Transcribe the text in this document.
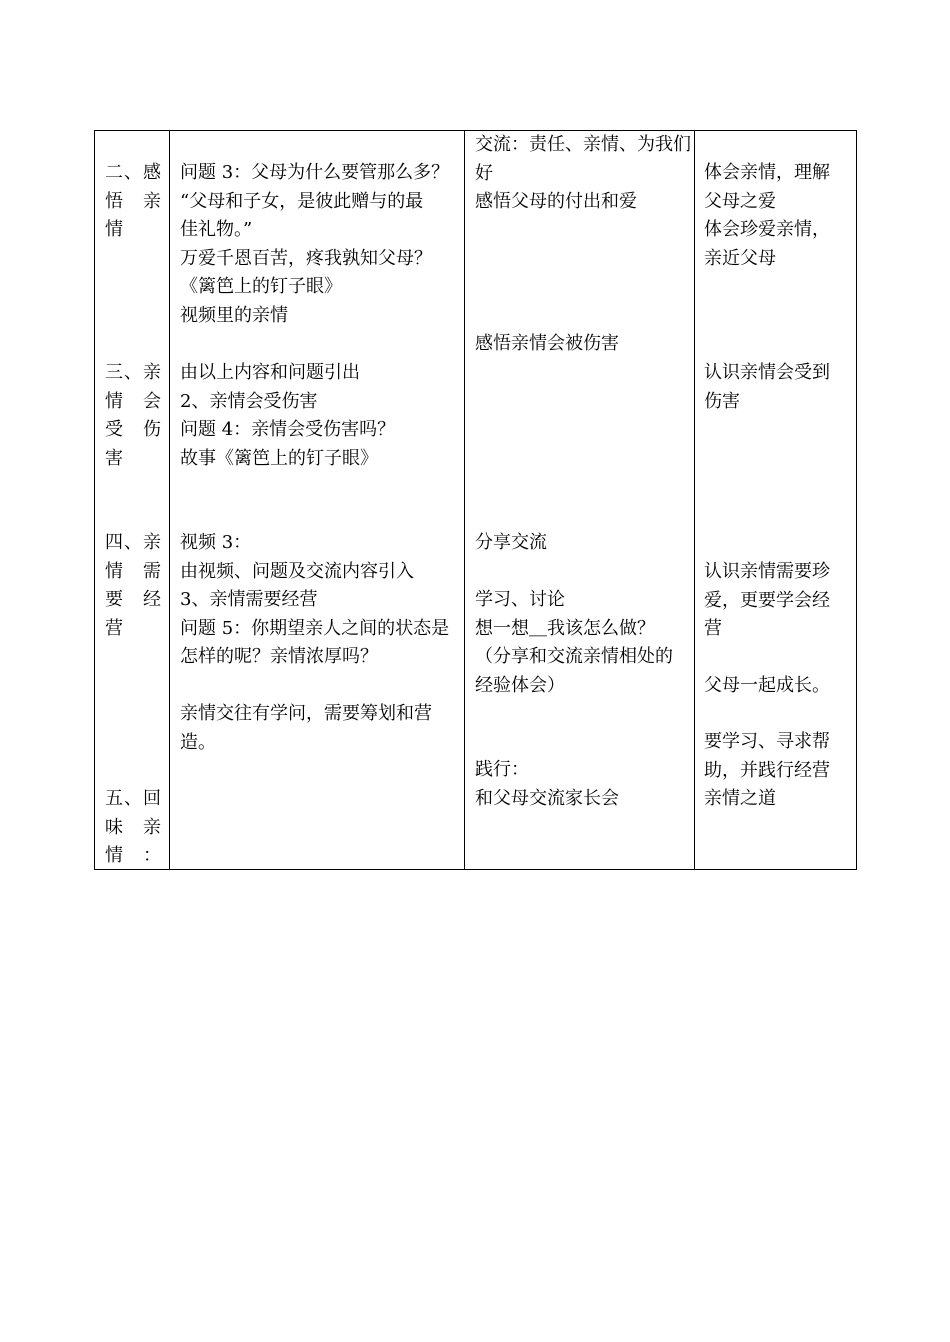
二、感
悟　亲
情
三、亲
情　会
受　伤
害
四、亲
情　需
要　经
营
五、回
味　亲
情：
问题 3：父母为什么要管那么多？
“父母和子女，是彼此赠与的最
佳礼物。”
万爱千恩百苦，疼我孰知父母？
《篱笆上的钉子眼》
视频里的亲情
由以上内容和问题引出
2、亲情会受伤害
问题 4：亲情会受伤害吗？
故事《篱笆上的钉子眼》
视频 3：
由视频、问题及交流内容引入
3、亲情需要经营
问题 5：你期望亲人之间的状态是
怎样的呢？亲情浓厚吗？
亲情交往有学问，需要筹划和营
造。
交流：责任、亲情、为我们
好
感悟父母的付出和爱
感悟亲情会被伤害
分享交流
学习、讨论
想一想＿我该怎么做？
（分享和交流亲情相处的
经验体会）
践行：
和父母交流家长会
体会亲情，理解
父母之爱
体会珍爱亲情，
亲近父母
认识亲情会受到
伤害
认识亲情需要珍
爱，更要学会经
营
父母一起成长。
要学习、寻求帮
助，并践行经营
亲情之道
